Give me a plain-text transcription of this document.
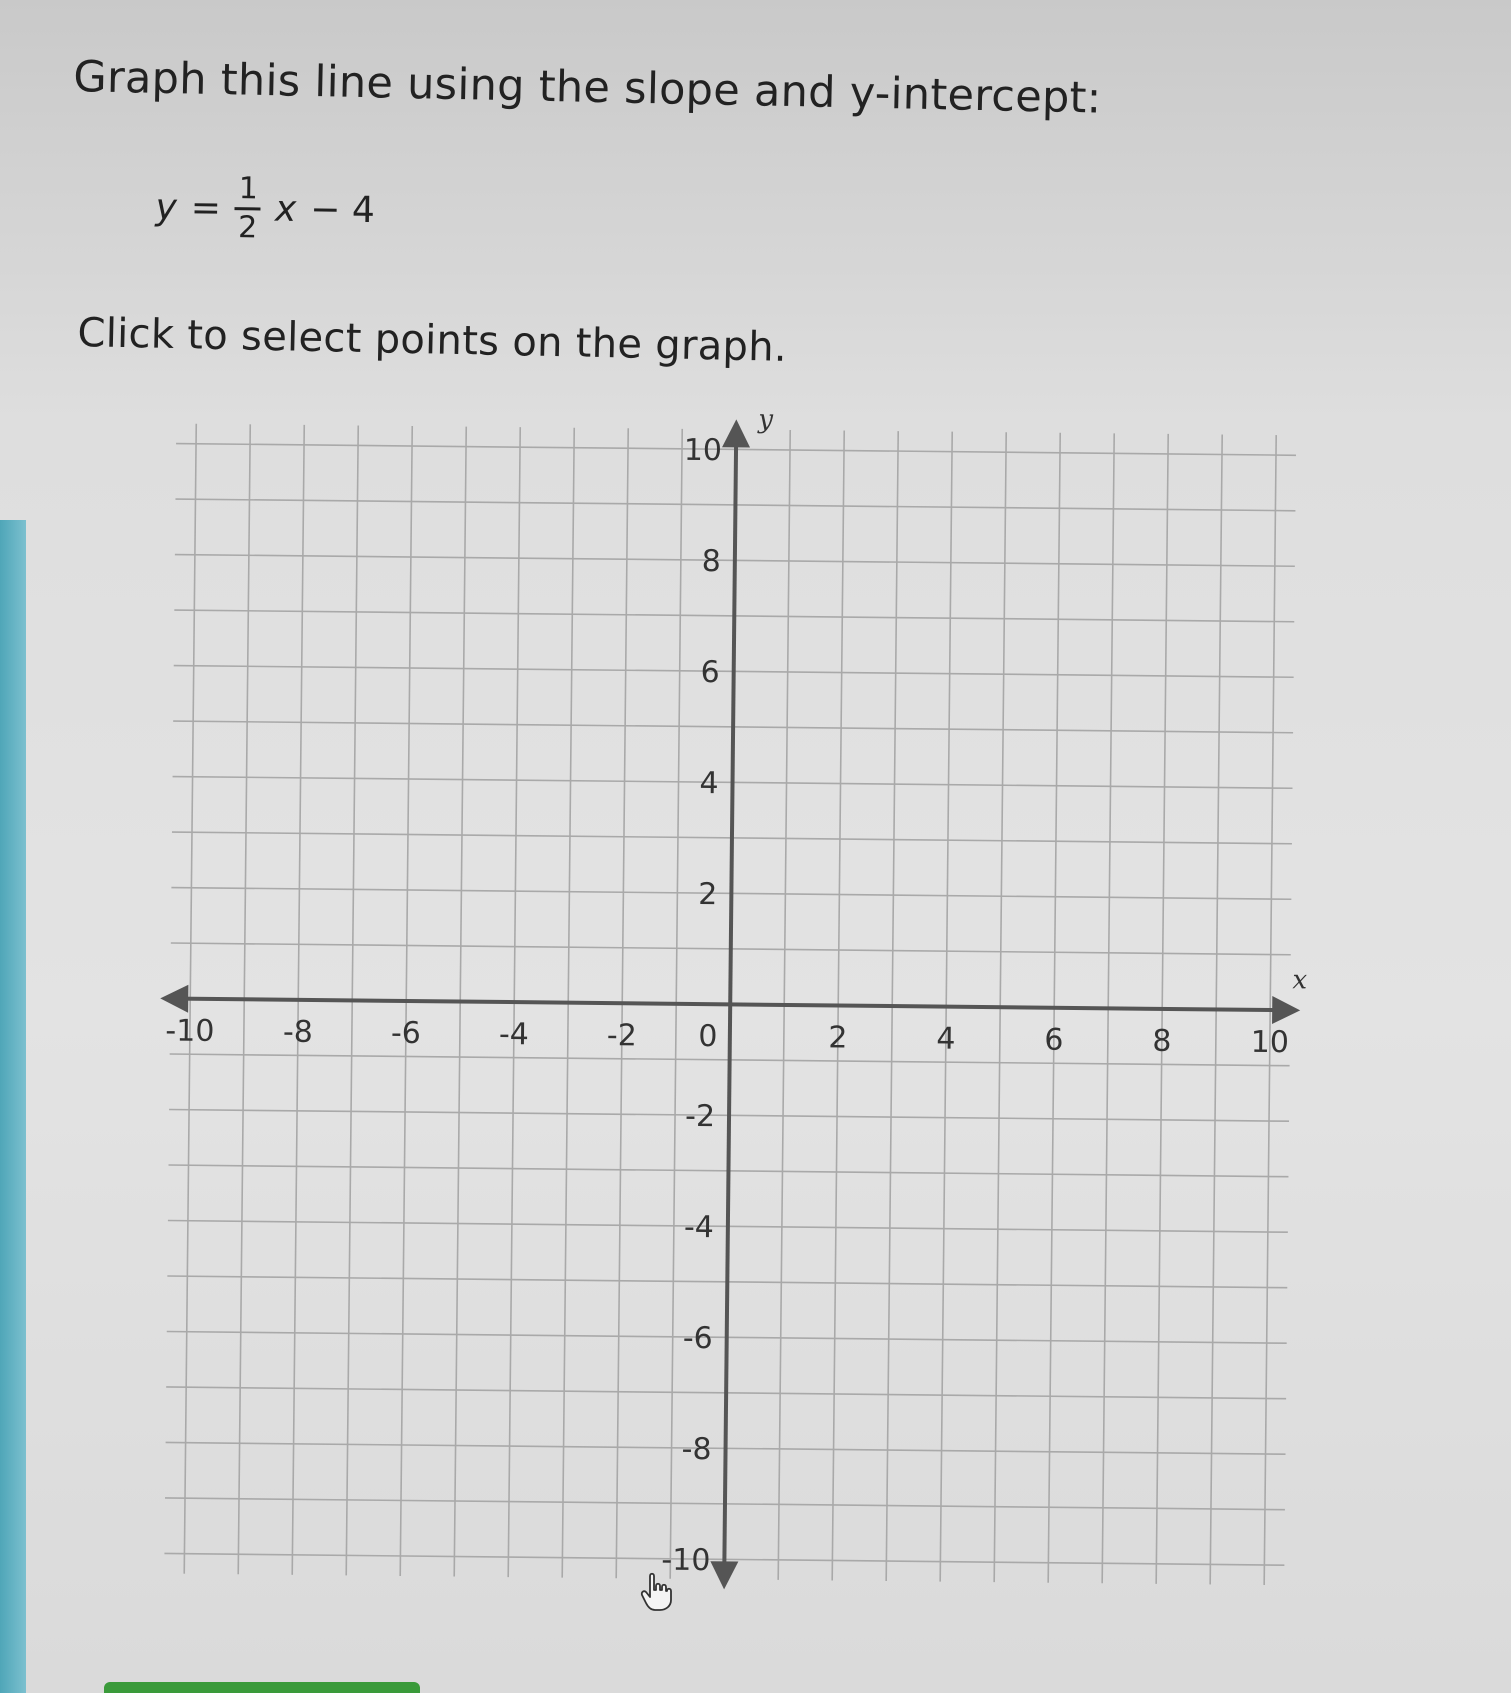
Graph this line using the slope and y-intercept:
$y = \frac{1}{2}$ x − 4
Click to select points on the graph.
x
y
-10 -8	-6	-4	-2 0	2	4	6	8	10
10
8
6
4
2
-2
-4
-6
-8
-10
